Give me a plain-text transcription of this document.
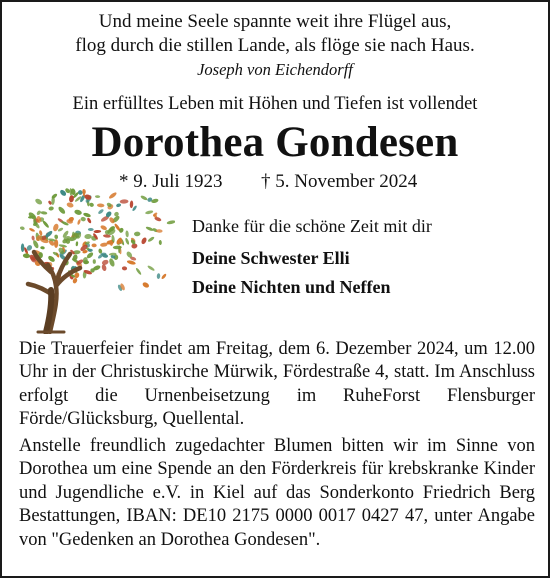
Und meine Seele spannte weit ihre Flügel aus,
flog durch die stillen Lande, als flöge sie nach Haus.
Joseph von Eichendorff
Ein erfülltes Leben mit Höhen und Tiefen ist vollendet
Dorothea Gondesen
* 9. Juli 1923 † 5. November 2024
Danke für die schöne Zeit mit dir
Deine Schwester Elli
Deine Nichten und Neffen
Die Trauerfeier findet am Freitag, dem 6. Dezember 2024, um 12.00 Uhr in der Christuskirche Mürwik, Fördestraße 4, statt. Im Anschluss erfolgt die Urnenbeisetzung im RuheForst Flensburger Förde/Glücksburg, Quellental.
Anstelle freundlich zugedachter Blumen bitten wir im Sinne von Dorothea um eine Spende an den Förderkreis für krebskranke Kinder und Jugendliche e.V. in Kiel auf das Sonderkonto Friedrich Berg Bestattungen, IBAN: DE10 2175 0000 0017 0427 47, unter Angabe von "Gedenken an Dorothea Gondesen".
